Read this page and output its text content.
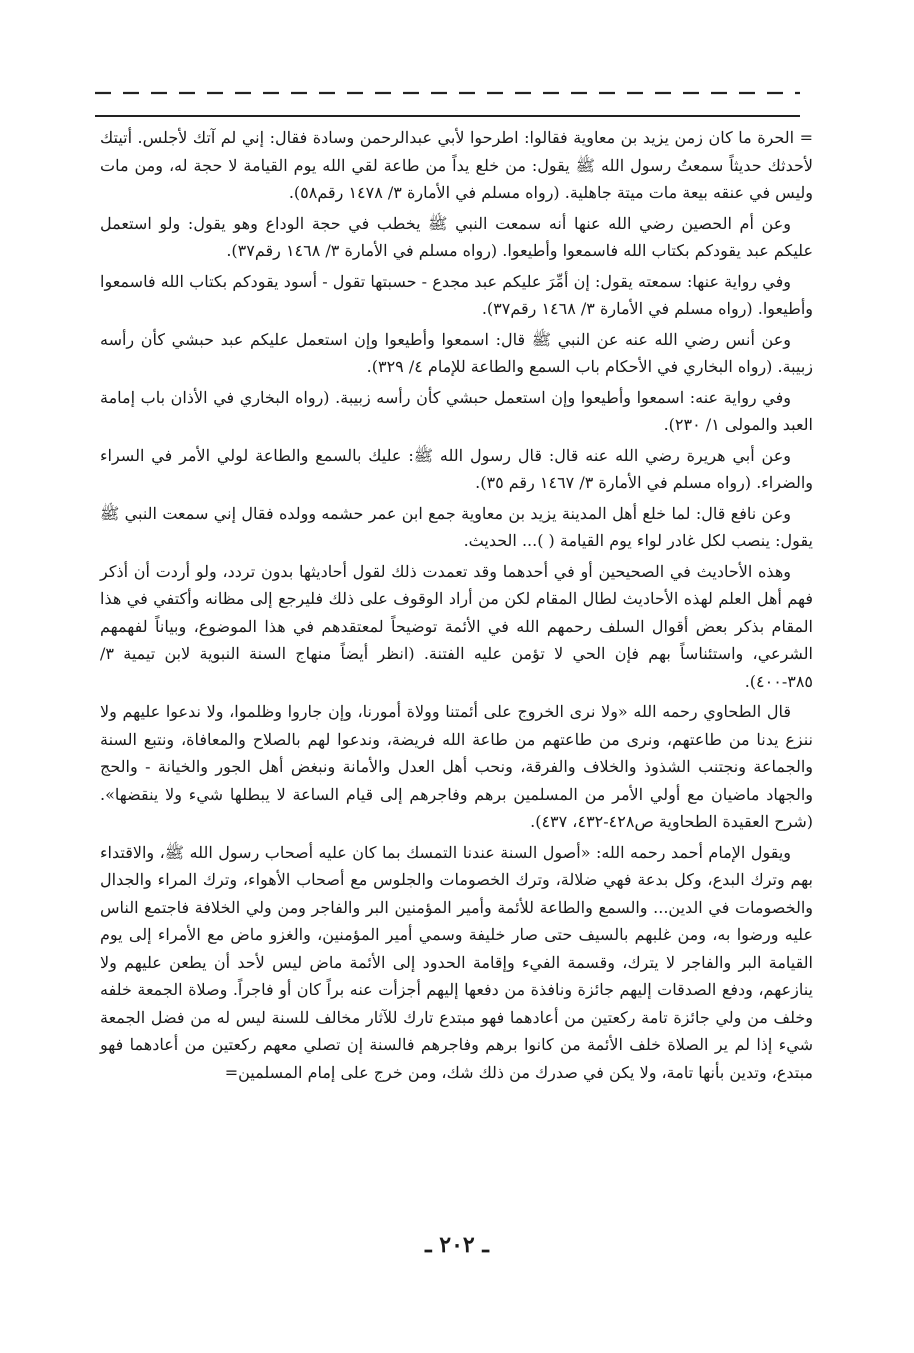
= الحرة ما كان زمن يزيد بن معاوية فقالوا: اطرحوا لأبي عبدالرحمن وسادة فقال: إني لم آتك لأجلس. أتيتك لأحدثك حديثاً سمعتُ رسول الله ﷺ يقول: من خلع يداً من طاعة لقي الله يوم القيامة لا حجة له، ومن مات وليس في عنقه بيعة مات ميتة جاهلية. (رواه مسلم في الأمارة ٣/ ١٤٧٨ رقم٥٨).

وعن أم الحصين رضي الله عنها أنه سمعت النبي ﷺ يخطب في حجة الوداع وهو يقول: ولو استعمل عليكم عبد يقودكم بكتاب الله فاسمعوا وأطيعوا. (رواه مسلم في الأمارة ٣/ ١٤٦٨ رقم٣٧).

وفي رواية عنها: سمعته يقول: إن أمِّرَ عليكم عبد مجدع - حسبتها تقول - أسود يقودكم بكتاب الله فاسمعوا وأطيعوا. (رواه مسلم في الأمارة ٣/ ١٤٦٨ رقم٣٧).

وعن أنس رضي الله عنه عن النبي ﷺ قال: اسمعوا وأطيعوا وإن استعمل عليكم عبد حبشي كأن رأسه زبيبة. (رواه البخاري في الأحكام باب السمع والطاعة للإمام ٤/ ٣٢٩).

وفي رواية عنه: اسمعوا وأطيعوا وإن استعمل حبشي كأن رأسه زبيبة. (رواه البخاري في الأذان باب إمامة العبد والمولى ١/ ٢٣٠).

وعن أبي هريرة رضي الله عنه قال: قال رسول الله ﷺ: عليك بالسمع والطاعة لولي الأمر في السراء والضراء. (رواه مسلم في الأمارة ٣/ ١٤٦٧ رقم ٣٥).

وعن نافع قال: لما خلع أهل المدينة يزيد بن معاوية جمع ابن عمر حشمه وولده فقال إني سمعت النبي ﷺ يقول: ينصب لكل غادر لواء يوم القيامة ( )... الحديث.

وهذه الأحاديث في الصحيحين أو في أحدهما وقد تعمدت ذلك لقول أحاديثها بدون تردد، ولو أردت أن أذكر فهم أهل العلم لهذه الأحاديث لطال المقام لكن من أراد الوقوف على ذلك فليرجع إلى مظانه وأكتفي في هذا المقام بذكر بعض أقوال السلف رحمهم الله في الأئمة توضيحاً لمعتقدهم في هذا الموضوع، وبياناً لفهمهم الشرعي، واستئناساً بهم فإن الحي لا تؤمن عليه الفتنة. (انظر أيضاً منهاج السنة النبوية لابن تيمية ٣/ ٣٨٥-٤٠٠).

قال الطحاوي رحمه الله «ولا نرى الخروج على أئمتنا وولاة أمورنا، وإن جاروا وظلموا، ولا ندعوا عليهم ولا ننزع يدنا من طاعتهم، ونرى من طاعتهم من طاعة الله فريضة، وندعوا لهم بالصلاح والمعافاة، ونتبع السنة والجماعة ونجتنب الشذوذ والخلاف والفرقة، ونحب أهل العدل والأمانة ونبغض أهل الجور والخيانة - والحج والجهاد ماضيان مع أولي الأمر من المسلمين برهم وفاجرهم إلى قيام الساعة لا يبطلها شيء ولا ينقضها». (شرح العقيدة الطحاوية ص٤٢٨-٤٣٢، ٤٣٧).

ويقول الإمام أحمد رحمه الله: «أصول السنة عندنا التمسك بما كان عليه أصحاب رسول الله ﷺ، والاقتداء بهم وترك البدع، وكل بدعة فهي ضلالة، وترك الخصومات والجلوس مع أصحاب الأهواء، وترك المراء والجدال والخصومات في الدين... والسمع والطاعة للأئمة وأمير المؤمنين البر والفاجر ومن ولي الخلافة فاجتمع الناس عليه ورضوا به، ومن غلبهم بالسيف حتى صار خليفة وسمي أمير المؤمنين، والغزو ماض مع الأمراء إلى يوم القيامة البر والفاجر لا يترك، وقسمة الفيء وإقامة الحدود إلى الأئمة ماض ليس لأحد أن يطعن عليهم ولا ينازعهم، ودفع الصدقات إليهم جائزة ونافذة من دفعها إليهم أجزأت عنه براً كان أو فاجراً. وصلاة الجمعة خلفه وخلف من ولي جائزة تامة ركعتين من أعادهما فهو مبتدع تارك للآثار مخالف للسنة ليس له من فضل الجمعة شيء إذا لم ير الصلاة خلف الأئمة من كانوا برهم وفاجرهم فالسنة إن تصلي معهم ركعتين من أعادهما فهو مبتدع، وتدين بأنها تامة، ولا يكن في صدرك من ذلك شك، ومن خرج على إمام المسلمين=

ـ ٢٠٢ ـ
